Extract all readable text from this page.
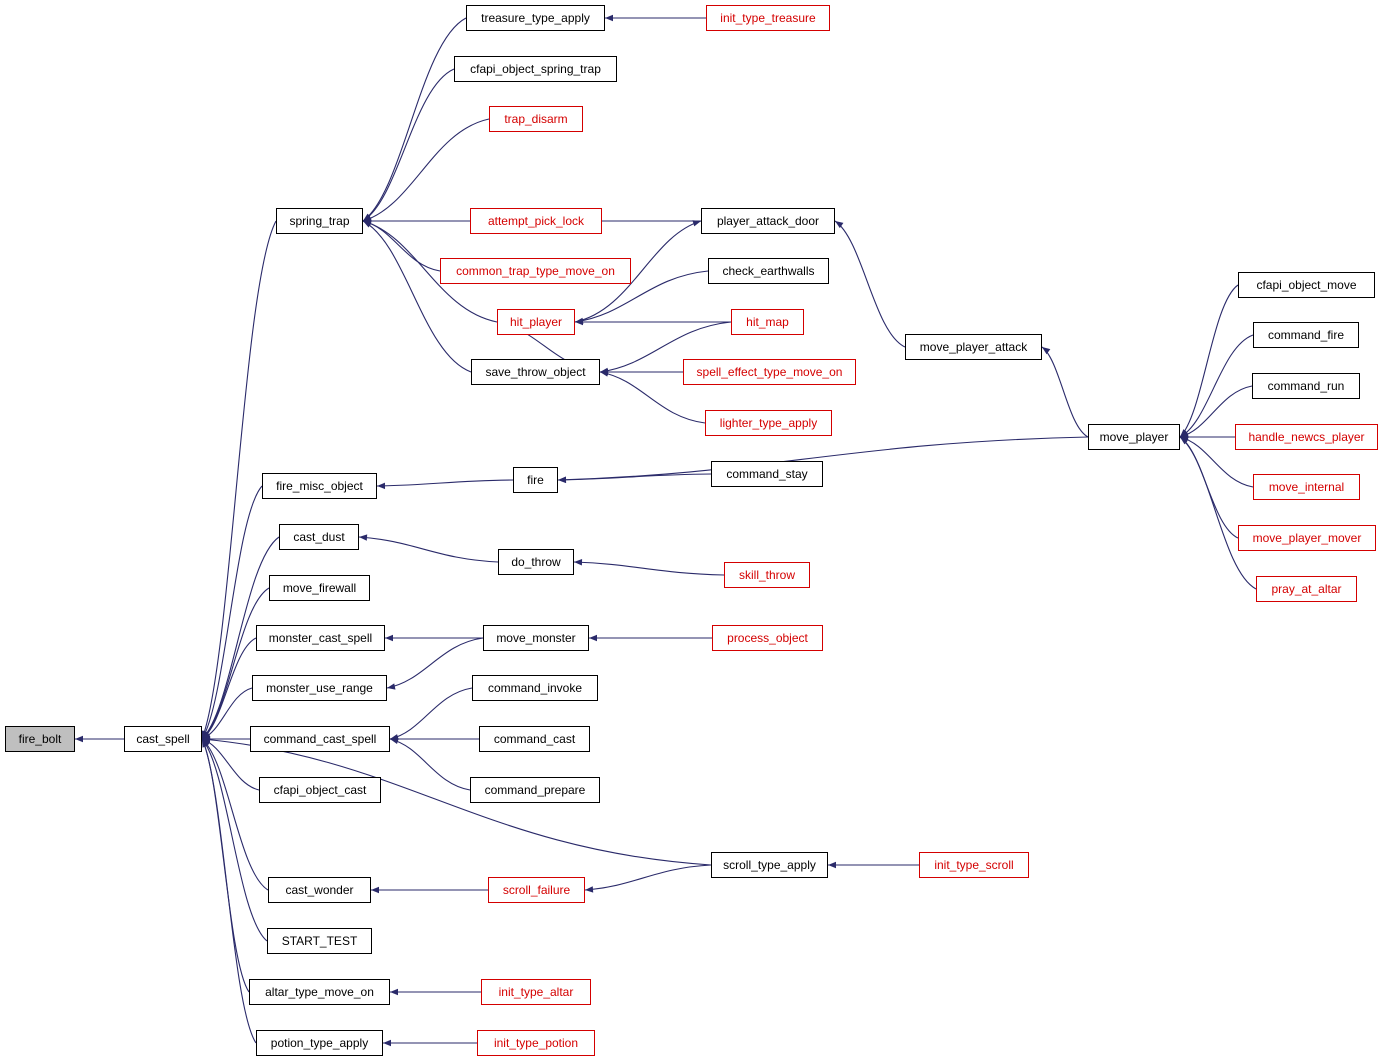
fire_bolt	cast_spell
spring_trap
treasure_type_apply	init_type_treasure
cfapi_object_spring_trap
trap_disarm
attempt_pick_lock	player_attack_door
common_trap_type_move_on	check_earthwalls
hit_player	hit_map
move_player_attack
save_throw_object	spell_effect_type_move_on
cfapi_object_move
command_fire
command_run
move_player	handle_newcs_player
lighter_type_apply
move_internal
move_player_mover
pray_at_altar
fire_misc_object	fire	command_stay
cast_dust
do_throw
skill_throw
move_firewall
monster_cast_spell	move_monster	process_object
monster_use_range	command_invoke
command_cast_spell	command_cast
cfapi_object_cast	command_prepare
scroll_type_apply	init_type_scroll
cast_wonder	scroll_failure
START_TEST
altar_type_move_on	init_type_altar
potion_type_apply	init_type_potion
